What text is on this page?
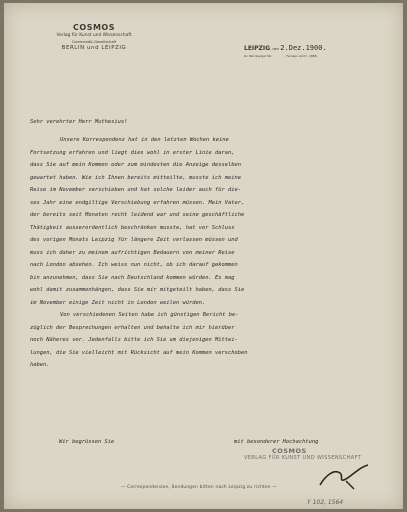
COSMOS
Verlag für Kunst und Wissenschaft
Commandit-Gesellschaft
BERLIN und LEIPZIG	LEIPZIG, den 2.Dez.1900.
Gr. Nürnberger Str.	Fernspr.-Amt I. 1888
Sehr verehrter Herr Muthesius!
Unsere Korrespondenz hat in den letzten Wochen keine
Fortsetzung erfahren und liegt dies wohl in erster Linie daran,
dass Sie auf mein Kommen oder zum mindesten die Anzeige desselben
gewartet haben. Wie ich Ihnen bereits mitteilte, musste ich meine
Reise im November verschieben und hat solche leider auch für die-
ses Jahr eine endgiltige Verschiebung erfahren müssen. Mein Vater,
der bereits seit Monaten recht leidend war und seine geschäftliche
Thätigkeit ausserordentlich beschränken musste, hat vor Schluss
des vorigen Monats Leipzig für längere Zeit verlassen müssen und
muss ich daher zu meinem aufrichtigen Bedauern von meiner Reise
nach London absehen. Ich weiss nun nicht, ob ich darauf gekommen
bin anzunehmen, dass Sie nach Deutschland kommen würden. Es mag
wohl damit zusammenhängen, dass Sie mir mitgeteilt haben, dass Sie
im November einige Zeit nicht in London weilen würden.
Von verschiedenen Seiten habe ich günstigen Bericht be-
züglich der Besprechungen erhalten und behalte ich mir hierüber
noch Näheres vor. Jedenfalls bitte ich Sie um diejenigen Mittei-
lungen, die Sie vielleicht mit Rücksicht auf mein Kommen verschoben
haben.
Wir begrüssen Sie	mit besonderer Hochachtung
COSMOS
VERLAG FÜR KUNST UND WISSENSCHAFT
— Correspondenzen, Sendungen bitten nach Leipzig zu richten —
Y 102, 1564
